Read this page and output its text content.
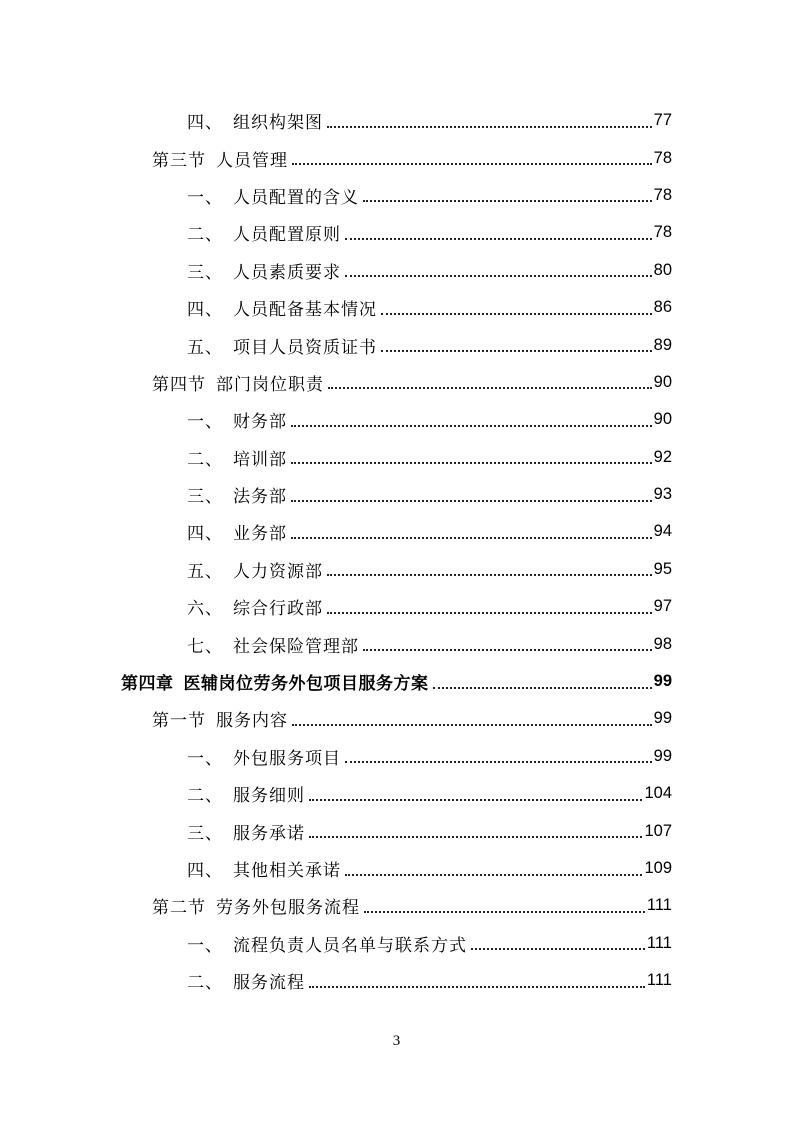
四、 组织构架图	77
第三节 人员管理	78
一、 人员配置的含义	78
二、 人员配置原则	78
三、 人员素质要求	80
四、 人员配备基本情况	86
五、 项目人员资质证书	89
第四节 部门岗位职责	90
一、 财务部	90
二、 培训部	92
三、 法务部	93
四、 业务部	94
五、 人力资源部	95
六、 综合行政部	97
七、 社会保险管理部	98
第四章 医辅岗位劳务外包项目服务方案	99
第一节 服务内容	99
一、 外包服务项目	99
二、 服务细则	104
三、 服务承诺	107
四、 其他相关承诺	109
第二节 劳务外包服务流程	111
一、 流程负责人员名单与联系方式	111
二、 服务流程	111
3
